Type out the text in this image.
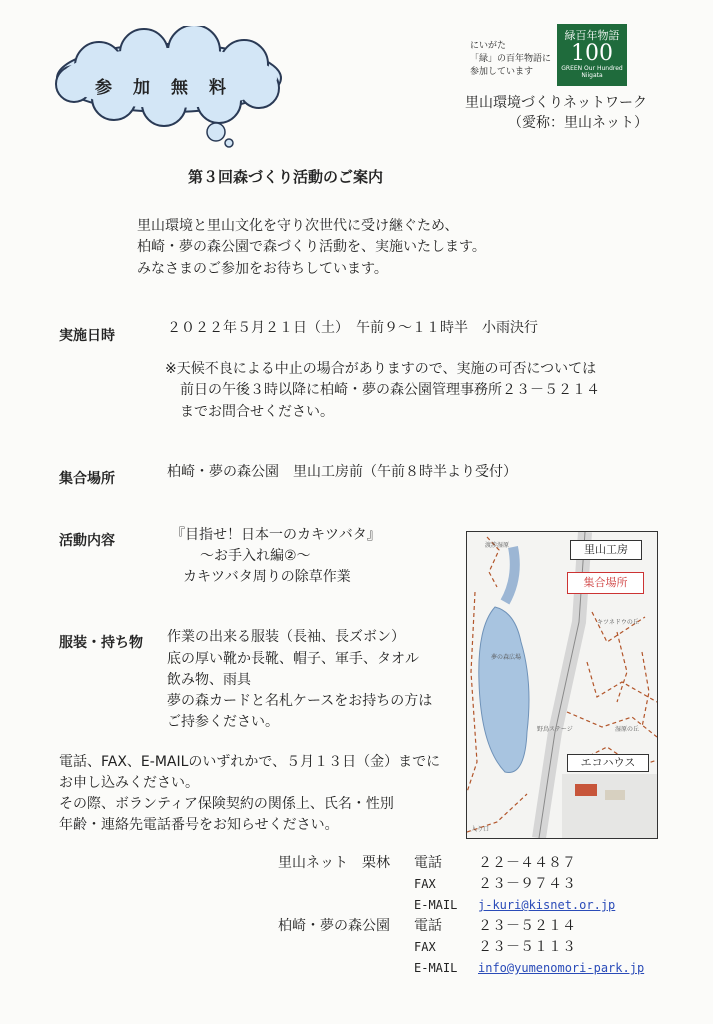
参　加　無　料
にいがた
「緑」の百年物語に
参加しています
緑百年物語
100
GREEN Our Hundred
Niigata
里山環境づくりネットワーク
（愛称：里山ネット）
第３回森づくり活動のご案内
里山環境と里山文化を守り次世代に受け継ぐため、
柏崎・夢の森公園で森づくり活動を、実施いたします。
みなさまのご参加をお待ちしています。
実施日時	２０２２年５月２１日（土）　午前９～１１時半　小雨決行
※天候不良による中止の場合がありますので、実施の可否については
前日の午後３時以降に柏崎・夢の森公園管理事務所２３－５２１４
までお問合せください。
集合場所	柏崎・夢の森公園　里山工房前（午前８時半より受付）
活動内容	『目指せ！日本一のカキツバタ』
～お手入れ編②～
カキツバタ周りの除草作業
服装・持ち物 作業の出来る服装（長袖、長ズボン）
底の厚い靴か長靴、帽子、軍手、タオル
飲み物、雨具
夢の森カードと名札ケースをお持ちの方は
ご持参ください。
電話、FAX、E-MAILのいずれかで、５月１３日（金）までに
お申し込みください。
その際、ボランティア保険契約の関係上、氏名・性別
年齢・連絡先電話番号をお知らせください。
里山工房
渡渉湿原
集合場所
キツネドウの丘
夢の森広場
野鳥ステージ	湿原の丘
入り口
エコハウス
里山ネット　栗林 電話	２２－４４８７
FAX	２３－９７４３
E-MAIL j-kuri@kisnet.or.jp
柏崎・夢の森公園 電話	２３－５２１４
FAX	２３－５１１３
E-MAIL info@yumenomori-park.jp
